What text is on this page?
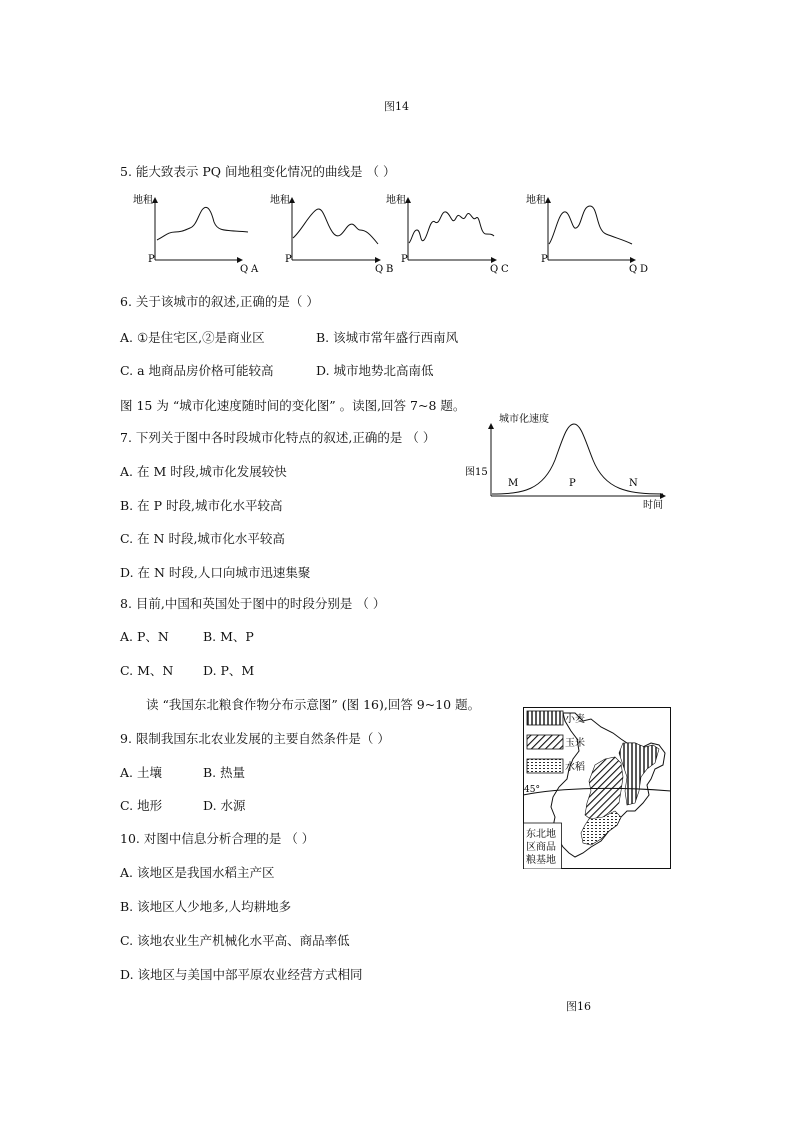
图14
5. 能大致表示 PQ 间地租变化情况的曲线是 （ ）
地租
P
Q A
地租
P
Q B
地租
P
Q C
地租
P
Q D
6. 关于该城市的叙述,正确的是（ ）
A. ①是住宅区,②是商业区	B. 该城市常年盛行西南风
C. a 地商品房价格可能较高	D. 城市地势北高南低
图 15 为 “城市化速度随时间的变化图” 。读图,回答 7~8 题。
7. 下列关于图中各时段城市化特点的叙述,正确的是 （ ）
A. 在 M 时段,城市化发展较快
B. 在 P 时段,城市化水平较高
C. 在 N 时段,城市化水平较高
D. 在 N 时段,人口向城市迅速集聚
城市化速度
图15
M	P	N
时间
8. 目前,中国和英国处于图中的时段分别是 （ ）
A. P、N	B. M、P
C. M、N D. P、M
读 “我国东北粮食作物分布示意图” (图 16),回答 9~10 题。
9. 限制我国东北农业发展的主要自然条件是（ ）
A. 土壤	B. 热量
C. 地形	D. 水源
10. 对图中信息分析合理的是 （ ）
A. 该地区是我国水稻主产区
B. 该地区人少地多,人均耕地多
C. 该地农业生产机械化水平高、商品率低
D. 该地区与美国中部平原农业经营方式相同
45°
小麦
玉米
水稻
东北地
区商品
粮基地
图16
